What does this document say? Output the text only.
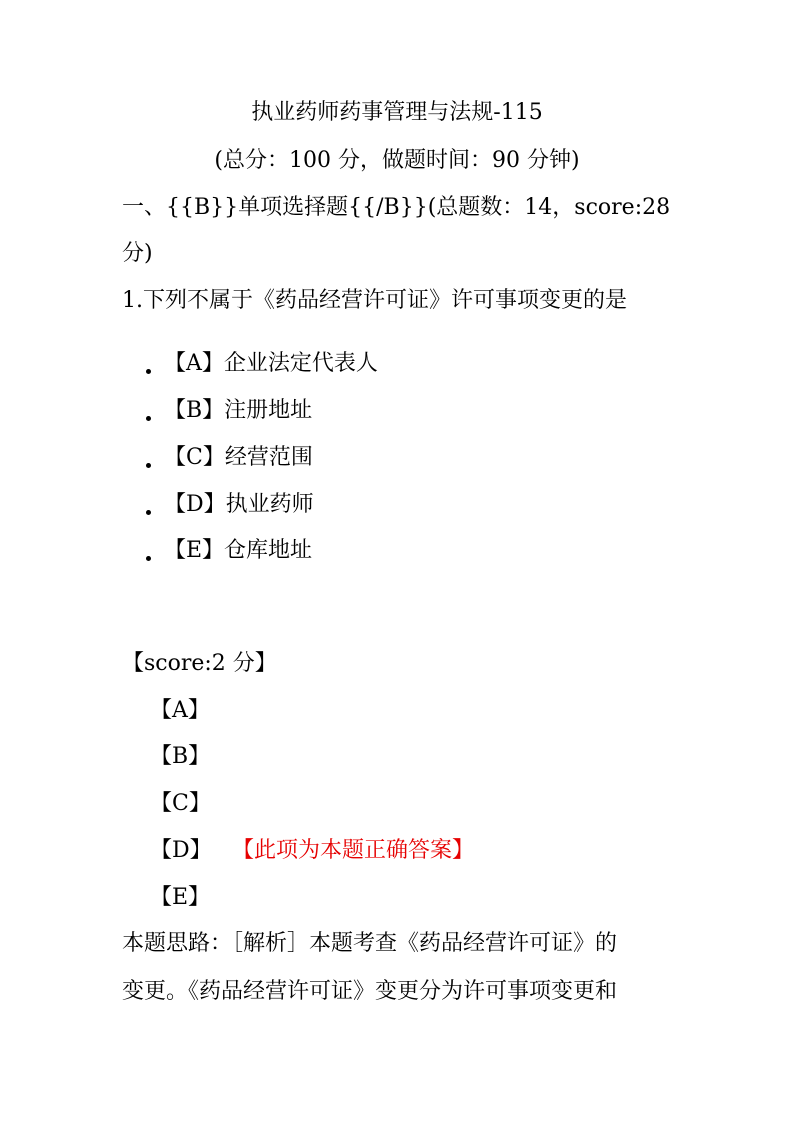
执业药师药事管理与法规-115
(总分：100 分，做题时间：90 分钟)
一、{{B}}单项选择题{{/B}}(总题数：14，score:28
分)
1.下列不属于《药品经营许可证》许可事项变更的是
【A】企业法定代表人
【B】注册地址
【C】经营范围
【D】执业药师
【E】仓库地址
【score:2 分】
【A】
【B】
【C】
【D】 【此项为本题正确答案】
【E】
本题思路：［解析］本题考查《药品经营许可证》的
变更。《药品经营许可证》变更分为许可事项变更和
